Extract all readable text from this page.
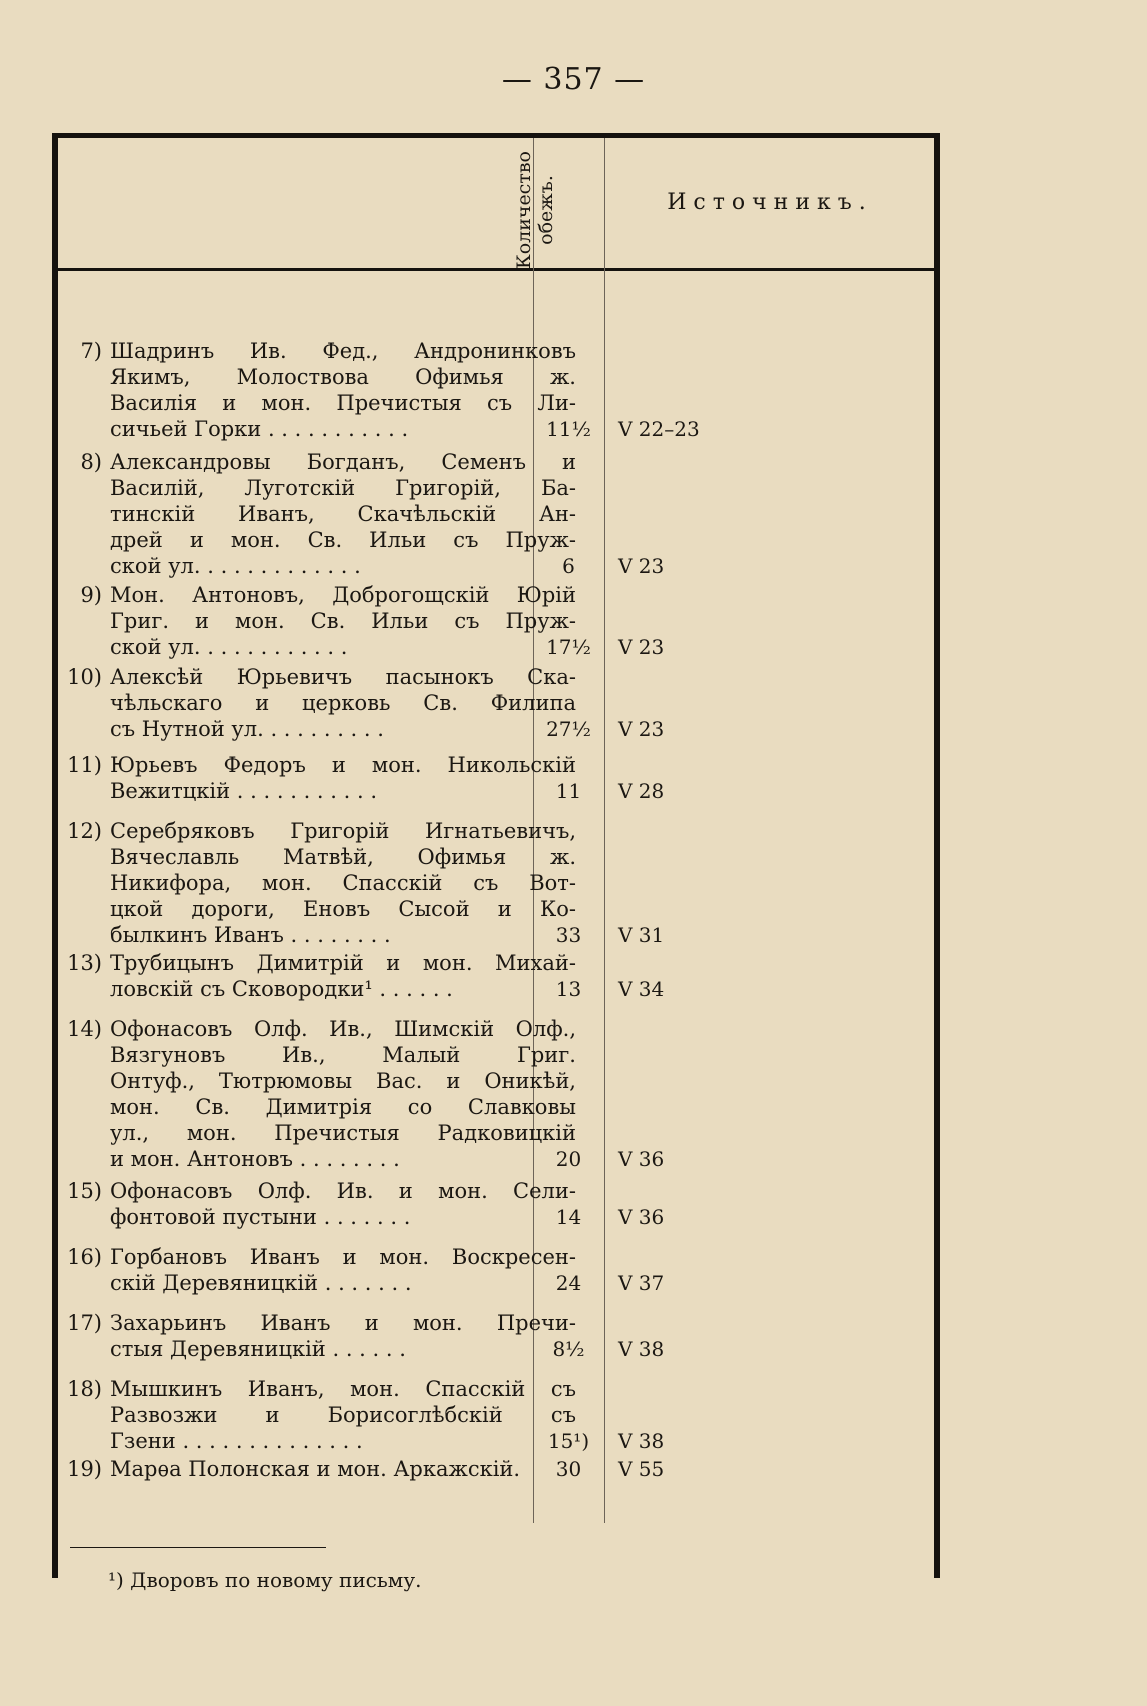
— 357 —
Количество обежъ.	Источникъ.
7) Шадринъ Ив. Фед., Андронинковъ
Якимъ, Молоствова Офимья ж.
Василія и мон. Пречистыя съ Ли-
сичьей Горки . . . . . . . . . . .	11½	V 22–23
8) Александровы Богданъ, Семенъ и
Василій, Луготскій Григорій, Ба-
тинскій Иванъ, Скачѣльскій Ан-
дрей и мон. Св. Ильи съ Пруж-
ской ул. . . . . . . . . . . . .	6	V 23
9) Мон. Антоновъ, Доброгощскій Юрій
Григ. и мон. Св. Ильи съ Пруж-
ской ул. . . . . . . . . . . .	17½	V 23
10) Алексѣй Юрьевичъ пасынокъ Ска-
чѣльскаго и церковь Св. Филипа
съ Нутной ул. . . . . . . . . .	27½	V 23
11) Юрьевъ Федоръ и мон. Никольскій
Вежитцкій . . . . . . . . . . .	11	V 28
12) Серебряковъ Григорій Игнатьевичъ,
Вячеславль Матвѣй, Офимья ж.
Никифора, мон. Спасскій съ Вот-
цкой дороги, Еновъ Сысой и Ко-
былкинъ Иванъ . . . . . . . .	33	V 31
13) Трубицынъ Димитрій и мон. Михай-
ловскій съ Сковородки¹ . . . . . .	13	V 34
14) Офонасовъ Олф. Ив., Шимскій Олф.,
Вязгуновъ Ив., Малый Григ.
Онтуф., Тютрюмовы Вас. и Оникѣй,
мон. Св. Димитрія со Славковы
ул., мон. Пречистыя Радковицкій
и мон. Антоновъ . . . . . . . .	20	V 36
15) Офонасовъ Олф. Ив. и мон. Сели-
фонтовой пустыни . . . . . . .	14	V 36
16) Горбановъ Иванъ и мон. Воскресен-
скій Деревяницкій . . . . . . .	24	V 37
17) Захарьинъ Иванъ и мон. Пречи-
стыя Деревяницкій . . . . . .	8½	V 38
18) Мышкинъ Иванъ, мон. Спасскій съ
Развозжи и Борисоглѣбскій съ
Гзени . . . . . . . . . . . . . .	15¹)	V 38
19) Марѳа Полонская и мон. Аркажскій.	30	V 55
¹) Дворовъ по новому письму.
